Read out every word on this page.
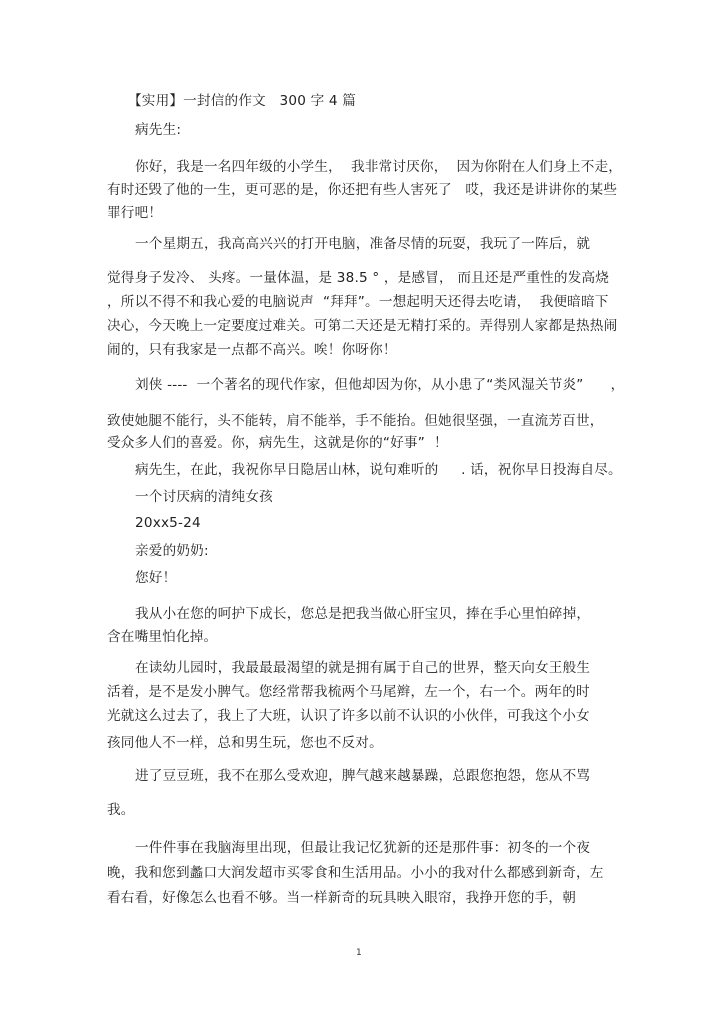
【实用】一封信的作文   300 字 4 篇
病先生:
你好，我是一名四年级的小学生，  我非常讨厌你，  因为你附在人们身上不走，
有时还毁了他的一生，更可恶的是，你还把有些人害死了   哎，我还是讲讲你的某些
罪行吧！
一个星期五，我高高兴兴的打开电脑，准备尽情的玩耍，我玩了一阵后，就
觉得身子发冷、 头疼。一量体温，是 38.5 ° ，是感冒， 而且还是严重性的发高烧
，所以不得不和我心爱的电脑说声  “拜拜”。一想起明天还得去吃请，  我便暗暗下
决心，今天晚上一定要度过难关。可第二天还是无精打采的。弄得别人家都是热热闹
闹的，只有我家是一点都不高兴。唉！你呀你！
刘侠 ----  一个著名的现代作家，但他却因为你，从小患了“类风湿关节炎”      ，
致使她腿不能行，头不能转，肩不能举，手不能抬。但她很坚强，一直流芳百世，
受众多人们的喜爱。你，病先生，这就是你的“好事”  ！
病先生，在此，我祝你早日隐居山林，说句难听的     . 话，祝你早日投海自尽。
一个讨厌病的清纯女孩
20xx5-24
亲爱的奶奶:
您好！
我从小在您的呵护下成长，您总是把我当做心肝宝贝，捧在手心里怕碎掉，
含在嘴里怕化掉。
在读幼儿园时，我最最最渴望的就是拥有属于自己的世界，整天向女王般生
活着，是不是发小脾气。您经常帮我梳两个马尾辫，左一个，右一个。两年的时
光就这么过去了，我上了大班，认识了许多以前不认识的小伙伴，可我这个小女
孩同他人不一样，总和男生玩，您也不反对。
进了豆豆班，我不在那么受欢迎，脾气越来越暴躁，总跟您抱怨，您从不骂
我。
一件件事在我脑海里出现，但最让我记忆犹新的还是那件事：初冬的一个夜
晚，我和您到蠡口大润发超市买零食和生活用品。小小的我对什么都感到新奇，左
看右看，好像怎么也看不够。当一样新奇的玩具映入眼帘，我挣开您的手，朝
1
